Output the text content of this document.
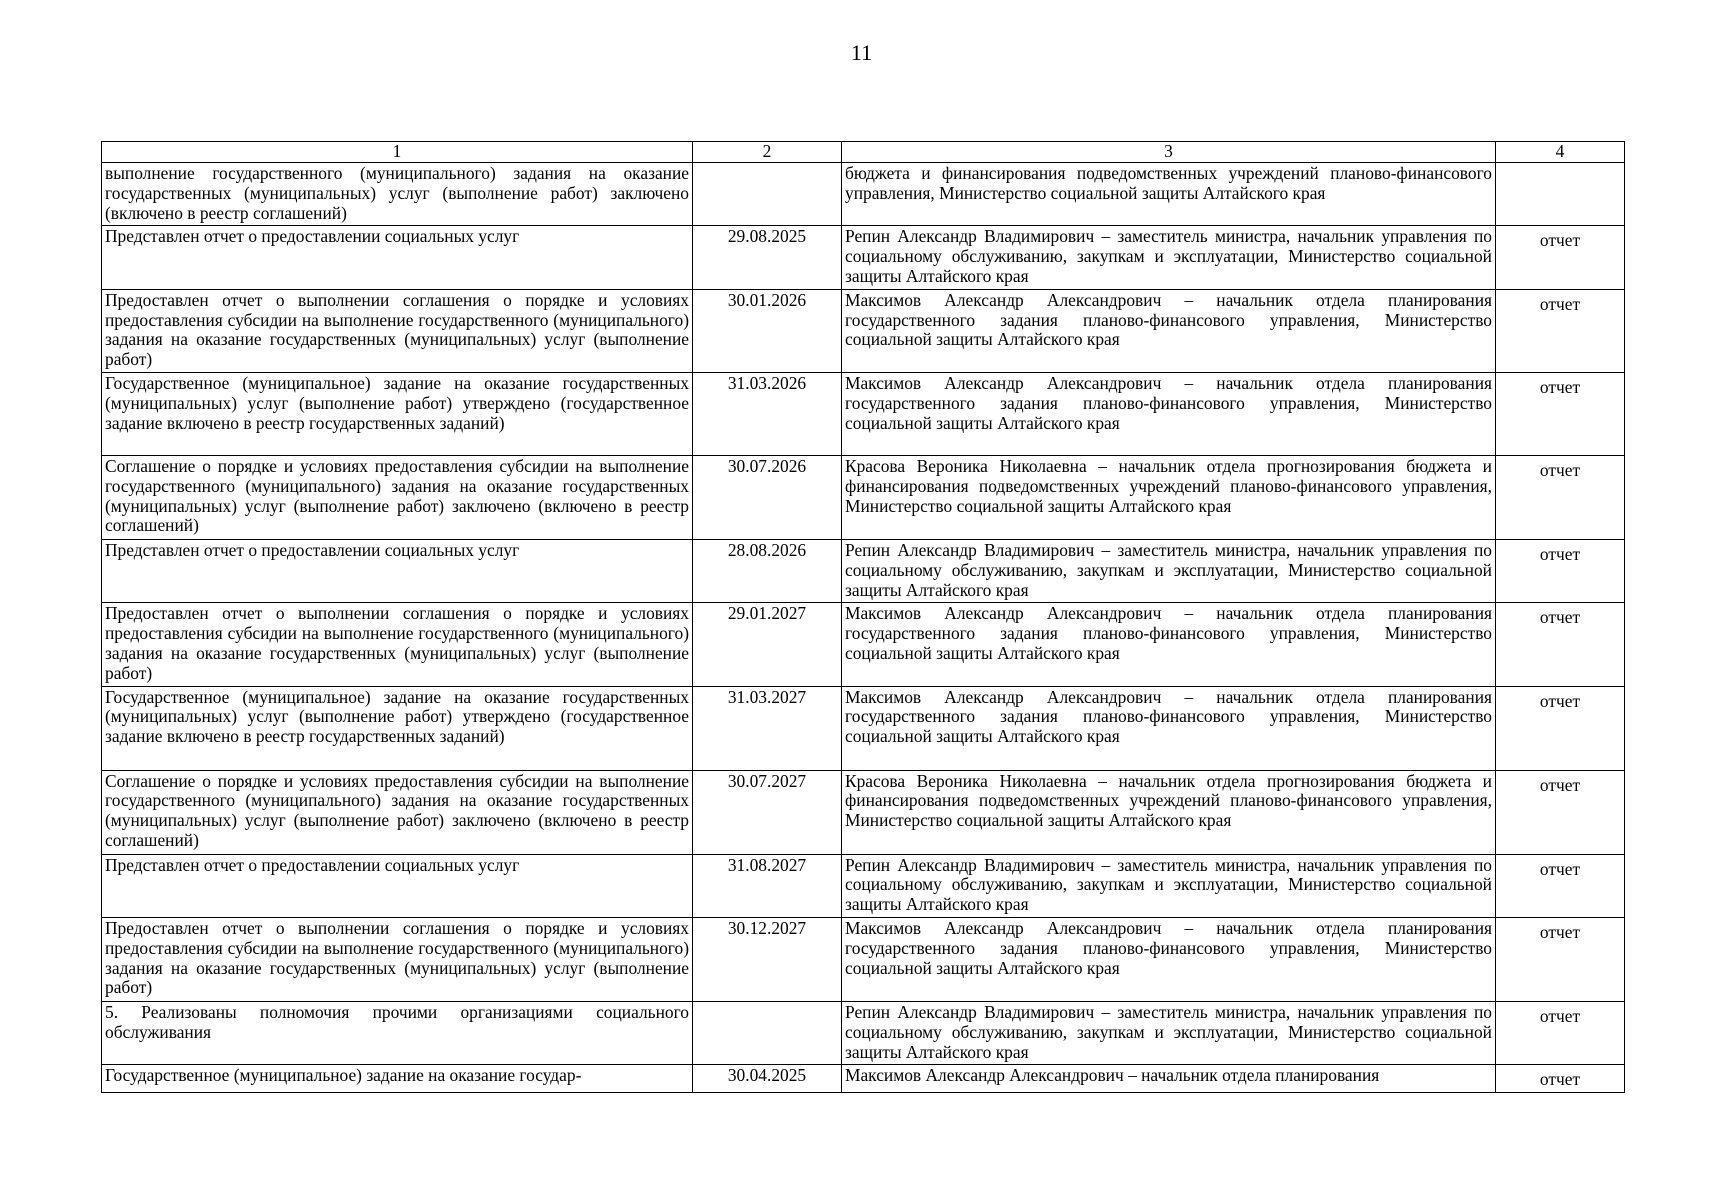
11
1	2	3	4
выполнение государственного (муниципального) задания на оказание государственных (муниципальных) услуг (выполнение работ) заключено (включено в реестр соглашений)		бюджета и финансирования подведомственных учреждений планово-финансового управления, Министерство социальной защиты Алтайского края	
Представлен отчет о предоставлении социальных услуг	29.08.2025	Репин Александр Владимирович – заместитель министра, начальник управления по социальному обслуживанию, закупкам и эксплуатации, Министерство социальной защиты Алтайского края	отчет
Предоставлен отчет о выполнении соглашения о порядке и условиях предоставления субсидии на выполнение государственного (муниципального) задания на оказание государственных (муниципальных) услуг (выполнение работ)	30.01.2026	Максимов Александр Александрович – начальник отдела планирования государственного задания планово-финансового управления, Министерство социальной защиты Алтайского края	отчет
Государственное (муниципальное) задание на оказание государственных (муниципальных) услуг (выполнение работ) утверждено (государственное задание включено в реестр государственных заданий)	31.03.2026	Максимов Александр Александрович – начальник отдела планирования государственного задания планово-финансового управления, Министерство социальной защиты Алтайского края	отчет
Соглашение о порядке и условиях предоставления субсидии на выполнение государственного (муниципального) задания на оказание государственных (муниципальных) услуг (выполнение работ) заключено (включено в реестр соглашений)	30.07.2026	Красова Вероника Николаевна – начальник отдела прогнозирования бюджета и финансирования подведомственных учреждений планово-финансового управления, Министерство социальной защиты Алтайского края	отчет
Представлен отчет о предоставлении социальных услуг	28.08.2026	Репин Александр Владимирович – заместитель министра, начальник управления по социальному обслуживанию, закупкам и эксплуатации, Министерство социальной защиты Алтайского края	отчет
Предоставлен отчет о выполнении соглашения о порядке и условиях предоставления субсидии на выполнение государственного (муниципального) задания на оказание государственных (муниципальных) услуг (выполнение работ)	29.01.2027	Максимов Александр Александрович – начальник отдела планирования государственного задания планово-финансового управления, Министерство социальной защиты Алтайского края	отчет
Государственное (муниципальное) задание на оказание государственных (муниципальных) услуг (выполнение работ) утверждено (государственное задание включено в реестр государственных заданий)	31.03.2027	Максимов Александр Александрович – начальник отдела планирования государственного задания планово-финансового управления, Министерство социальной защиты Алтайского края	отчет
Соглашение о порядке и условиях предоставления субсидии на выполнение государственного (муниципального) задания на оказание государственных (муниципальных) услуг (выполнение работ) заключено (включено в реестр соглашений)	30.07.2027	Красова Вероника Николаевна – начальник отдела прогнозирования бюджета и финансирования подведомственных учреждений планово-финансового управления, Министерство социальной защиты Алтайского края	отчет
Представлен отчет о предоставлении социальных услуг	31.08.2027	Репин Александр Владимирович – заместитель министра, начальник управления по социальному обслуживанию, закупкам и эксплуатации, Министерство социальной защиты Алтайского края	отчет
Предоставлен отчет о выполнении соглашения о порядке и условиях предоставления субсидии на выполнение государственного (муниципального) задания на оказание государственных (муниципальных) услуг (выполнение работ)	30.12.2027	Максимов Александр Александрович – начальник отдела планирования государственного задания планово-финансового управления, Министерство социальной защиты Алтайского края	отчет
5. Реализованы полномочия прочими организациями социального обслуживания		Репин Александр Владимирович – заместитель министра, начальник управления по социальному обслуживанию, закупкам и эксплуатации, Министерство социальной защиты Алтайского края	отчет
Государственное (муниципальное) задание на оказание государ-	30.04.2025	Максимов Александр Александрович – начальник отдела планирования	отчет
